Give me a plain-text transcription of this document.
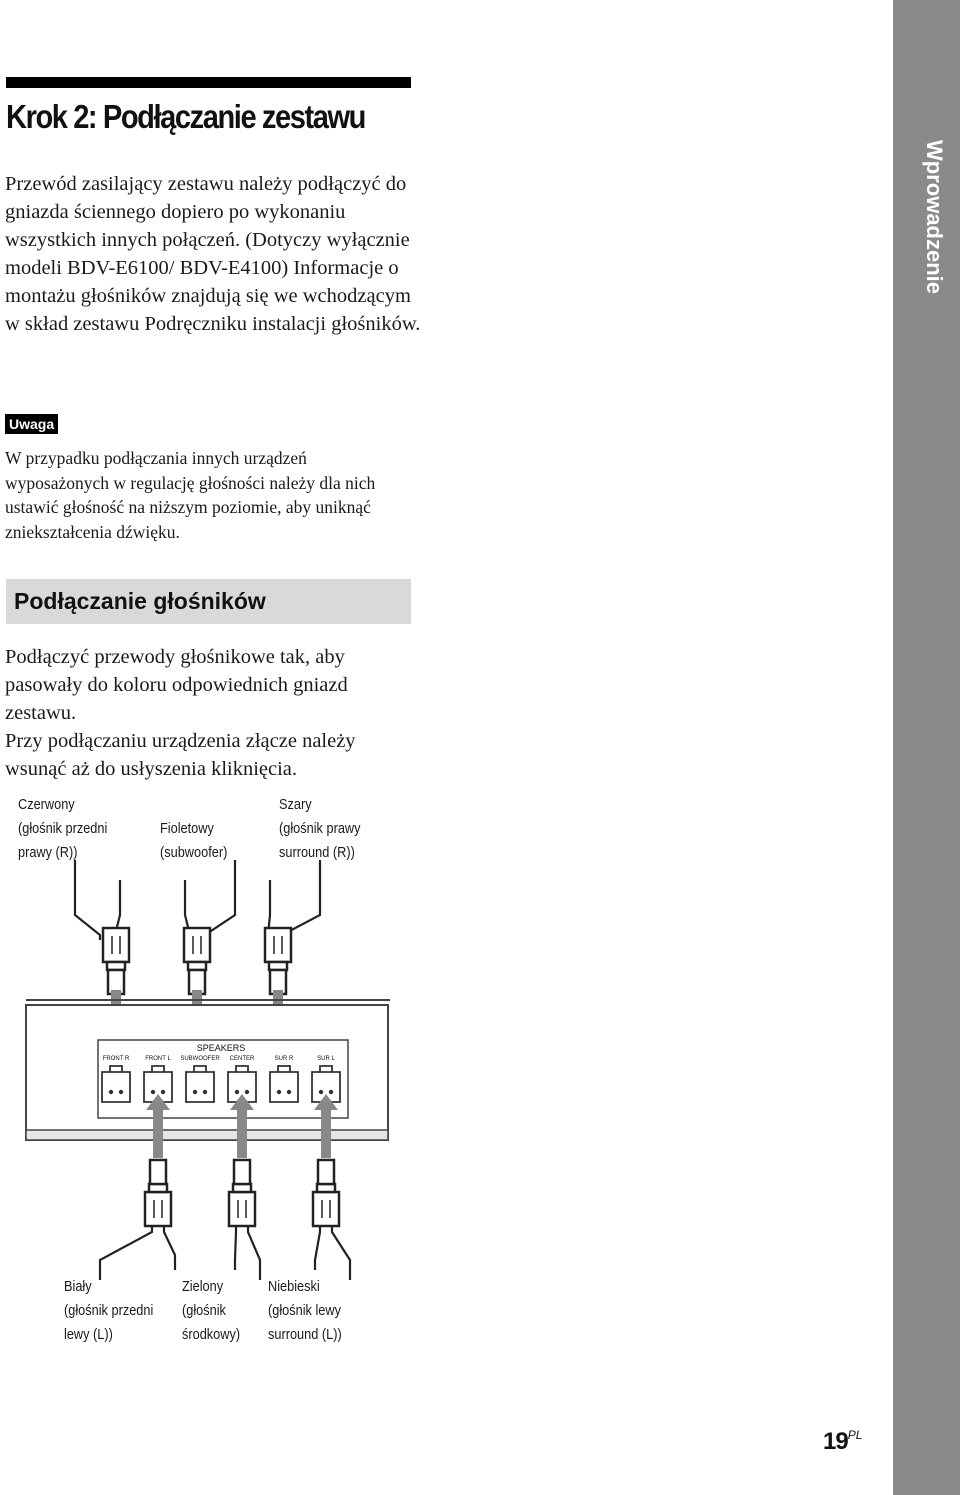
Krok 2: Podłączanie zestawu

Przewód zasilający zestawu należy podłączyć do gniazda ściennego dopiero po wykonaniu wszystkich innych połączeń. (Dotyczy wyłącznie modeli BDV-E6100/ BDV-E4100) Informacje o montażu głośników znajdują się we wchodzącym w skład zestawu Podręczniku instalacji głośników.

Uwaga

W przypadku podłączania innych urządzeń wyposażonych w regulację głośności należy dla nich ustawić głośność na niższym poziomie, aby uniknąć zniekształcenia dźwięku.

Podłączanie głośników

Podłączyć przewody głośnikowe tak, aby pasowały do koloru odpowiednich gniazd zestawu.
Przy podłączaniu urządzenia złącze należy wsunąć aż do usłyszenia kliknięcia.

Czerwony
(głośnik przedni
prawy (R))
Fioletowy
(subwoofer)
Szary
(głośnik prawy
surround (R))
SPEAKERS
FRONT R	FRONT L SUBWOOFER CENTER	SUR R	SUR L
Biały
(głośnik przedni
lewy (L))
Zielony
(głośnik
środkowy)
Niebieski
(głośnik lewy
surround (L))
Wprowadzenie
$19^{PL}$
